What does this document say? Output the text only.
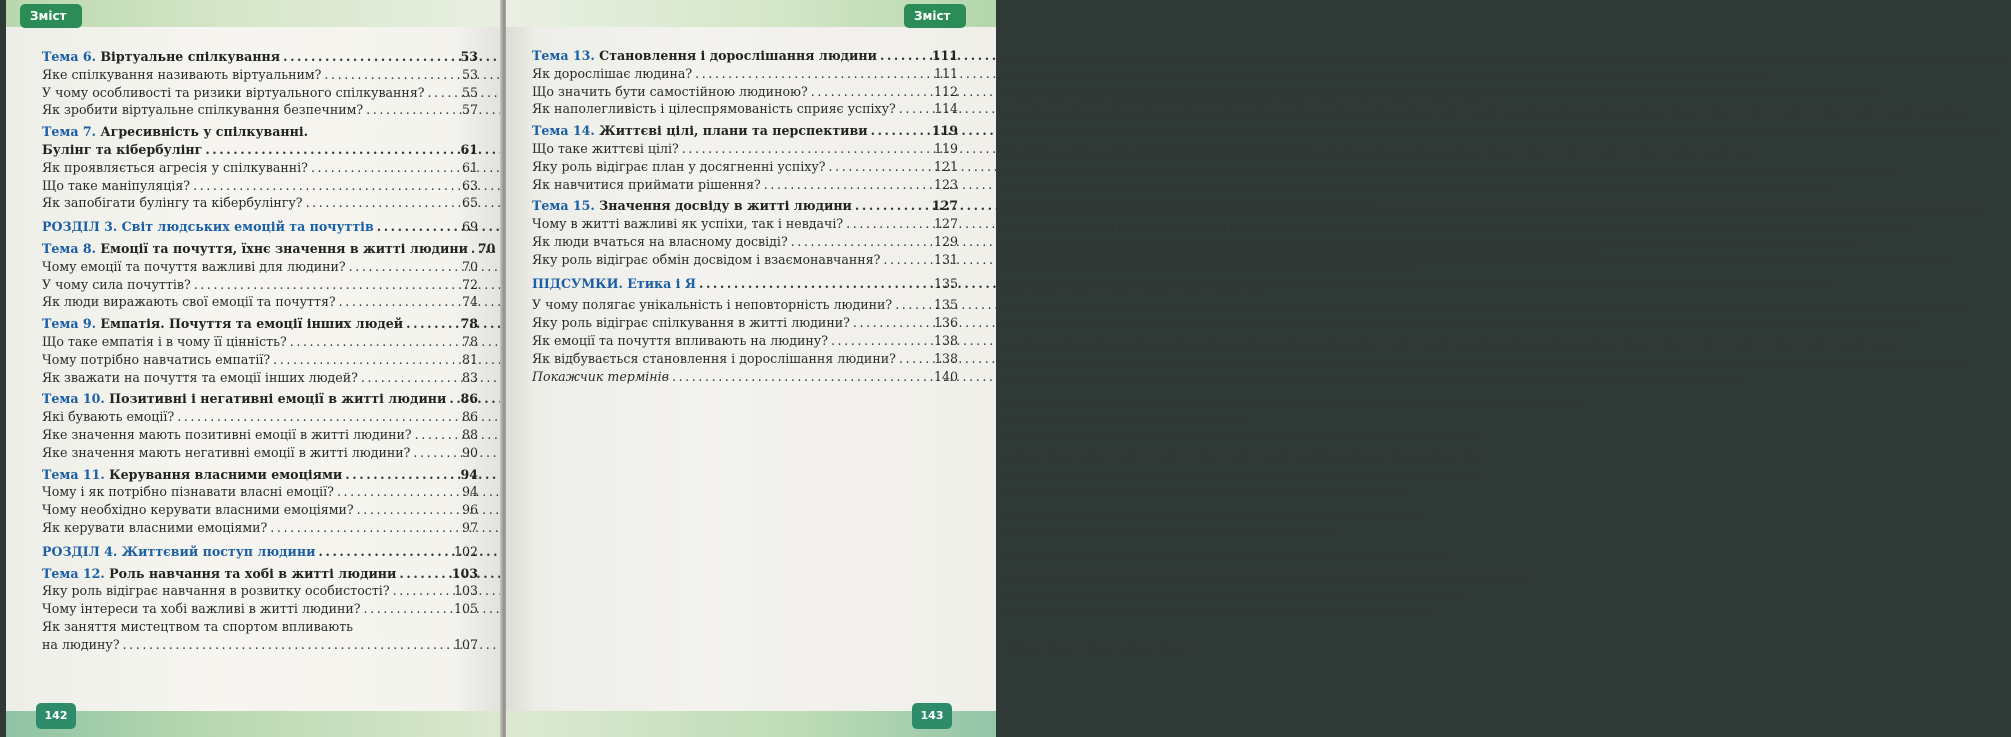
Зміст
Тема 6. Віртуальне спілкування .....	53
Яке спілкування називають віртуальним? .....	53
У чому особливості та ризики віртуального спілкування? .....	55
Як зробити віртуальне спілкування безпечним? .....	57
Тема 7. Агресивність у спілкуванні.
Булінг та кібербулінг .....	61
Як проявляється агресія у спілкуванні? .....	61
Що таке маніпуляція? .....	63
Як запобігати булінгу та кібербулінгу? .....	65
РОЗДІЛ 3. Світ людських емоцій та почуттів .....	69
Тема 8. Емоції та почуття, їхнє значення в житті людини ..... 70
Чому емоції та почуття важливі для людини? .....	70
У чому сила почуттів? .....	72
Як люди виражають свої емоції та почуття? .....	74
Тема 9. Емпатія. Почуття та емоції інших людей .....	78
Що таке емпатія і в чому її цінність? .....	78
Чому потрібно навчатись емпатії? .....	81
Як зважати на почуття та емоції інших людей? .....	83
Тема 10. Позитивні і негативні емоції в житті людини ..... 86
Які бувають емоції? .....	86
Яке значення мають позитивні емоції в житті людини? .....	88
Яке значення мають негативні емоції в житті людини? .....	90
Тема 11. Керування власними емоціями .....	94
Чому і як потрібно пізнавати власні емоції? .....	94
Чому необхідно керувати власними емоціями? .....	96
Як керувати власними емоціями? .....	97
РОЗДІЛ 4. Життєвий поступ людини .....	102
Тема 12. Роль навчання та хобі в житті людини .....	103
Яку роль відіграє навчання в розвитку особистості? .....	103
Чому інтереси та хобі важливі в житті людини? .....	105
Як заняття мистецтвом та спортом впливають
на людину? .....	107
142
Зміст
Тема 13. Становлення і дорослішання людини .....	111
Як дорослішає людина? .....	111
Що значить бути самостійною людиною? .....	112
Як наполегливість і цілеспрямованість сприяє успіху? .....	114
Тема 14. Життєві цілі, плани та перспективи .....	119
Що таке життєві цілі? .....	119
Яку роль відіграє план у досягненні успіху? .....	121
Як навчитися приймати рішення? .....	123
Тема 15. Значення досвіду в житті людини .....	127
Чому в житті важливі як успіхи, так і невдачі? .....	127
Як люди вчаться на власному досвіді? .....	129
Яку роль відіграє обмін досвідом і взаємонавчання? .....	131
ПІДСУМКИ. Етика і Я .....	135
У чому полягає унікальність і неповторність людини? .....	135
Яку роль відіграє спілкування в житті людини? .....	136
Як емоції та почуття впливають на людину? .....	138
Як відбувається становлення і дорослішання людини? .....	138
Покажчик термінів .....	140
143
